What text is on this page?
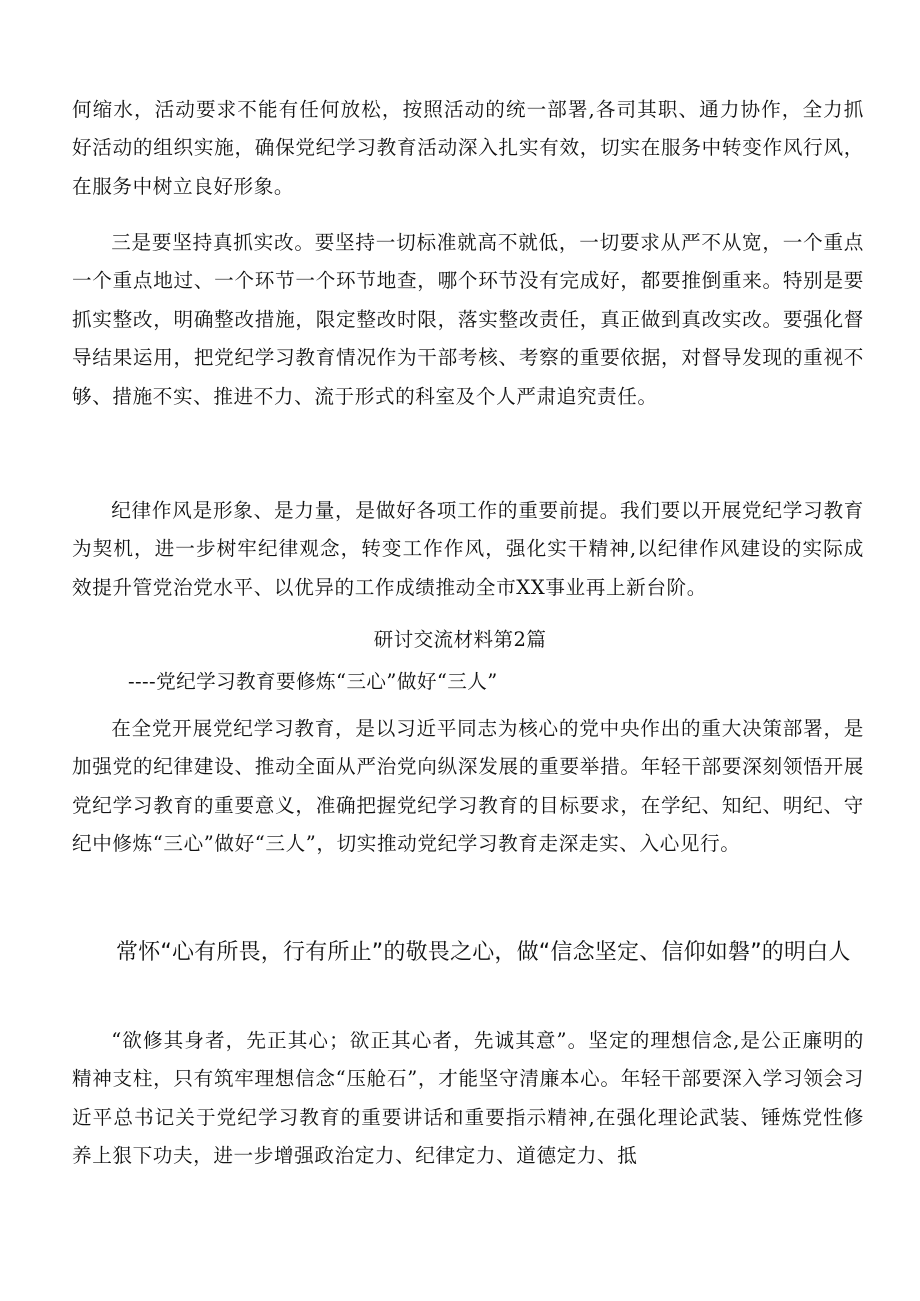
何缩水，活动要求不能有任何放松，按照活动的统一部署,各司其职、通力协作，全力抓好活动的组织实施，确保党纪学习教育活动深入扎实有效，切实在服务中转变作风行风，在服务中树立良好形象。

三是要坚持真抓实改。要坚持一切标准就高不就低，一切要求从严不从宽，一个重点一个重点地过、一个环节一个环节地查，哪个环节没有完成好，都要推倒重来。特别是要抓实整改，明确整改措施，限定整改时限，落实整改责任，真正做到真改实改。要强化督导结果运用，把党纪学习教育情况作为干部考核、考察的重要依据，对督导发现的重视不够、措施不实、推进不力、流于形式的科室及个人严肃追究责任。

纪律作风是形象、是力量，是做好各项工作的重要前提。我们要以开展党纪学习教育为契机，进一步树牢纪律观念，转变工作作风，强化实干精神,以纪律作风建设的实际成效提升管党治党水平、以优异的工作成绩推动全市XX事业再上新台阶。

研讨交流材料第2篇
----党纪学习教育要修炼“三心”做好“三人”

在全党开展党纪学习教育，是以习近平同志为核心的党中央作出的重大决策部署，是加强党的纪律建设、推动全面从严治党向纵深发展的重要举措。年轻干部要深刻领悟开展党纪学习教育的重要意义，准确把握党纪学习教育的目标要求，在学纪、知纪、明纪、守纪中修炼“三心”做好“三人”，切实推动党纪学习教育走深走实、入心见行。

常怀“心有所畏，行有所止”的敬畏之心，做“信念坚定、信仰如磐”的明白人

“欲修其身者，先正其心；欲正其心者，先诚其意”。坚定的理想信念,是公正廉明的精神支柱，只有筑牢理想信念“压舱石”，才能坚守清廉本心。年轻干部要深入学习领会习近平总书记关于党纪学习教育的重要讲话和重要指示精神,在强化理论武装、锤炼党性修养上狠下功夫，进一步增强政治定力、纪律定力、道德定力、抵
